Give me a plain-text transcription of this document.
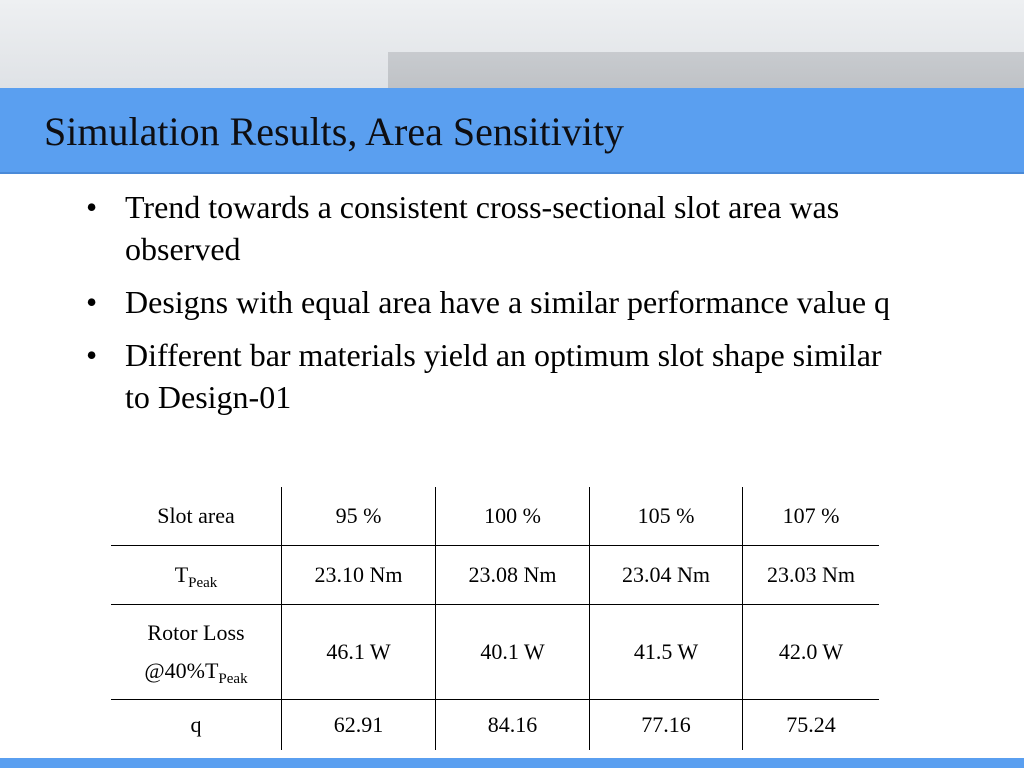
Simulation Results, Area Sensitivity
• Trend towards a consistent cross-sectional slot area was observed
• Designs with equal area have a similar performance value q
• Different bar materials yield an optimum slot shape similar to Design-01
Slot area	95 %	100 %	105 %	107 %
$T_{Peak}$	23.10 Nm	23.08 Nm	23.04 Nm	23.03 Nm
Rotor Loss
$@40\%T_{Peak}$	46.1 W	40.1 W	41.5 W	42.0 W
q	62.91	84.16	77.16	75.24
